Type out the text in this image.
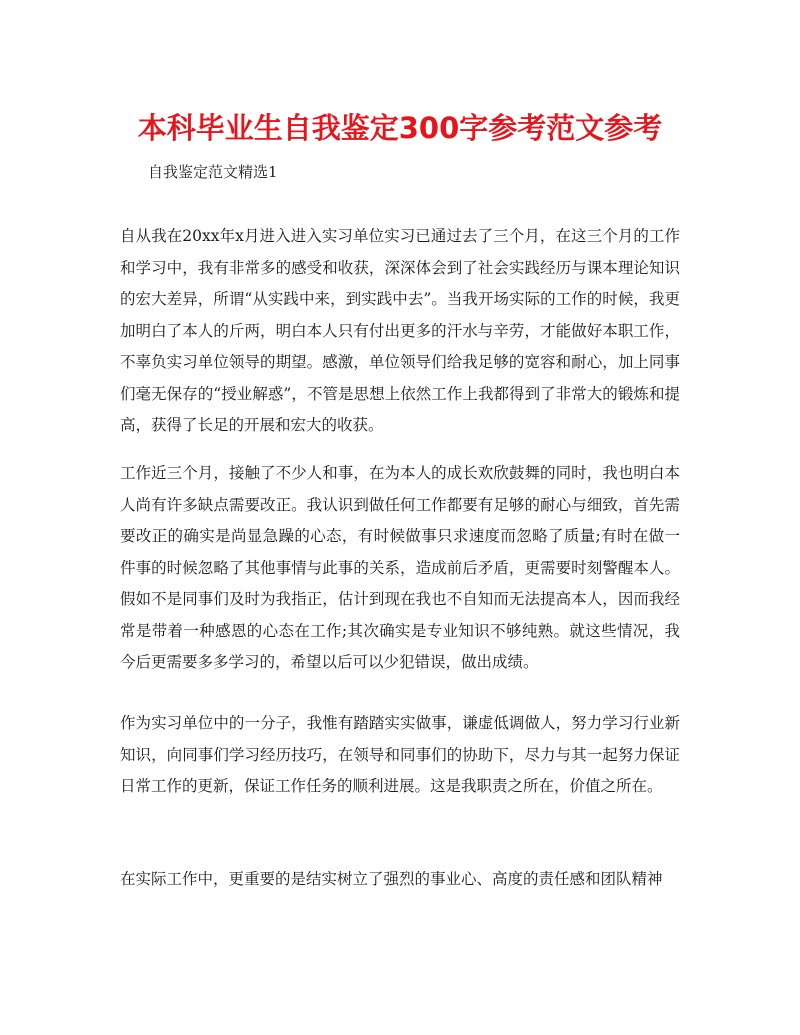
本科毕业生自我鉴定300字参考范文参考

自我鉴定范文精选1

自从我在20xx年x月进入进入实习单位实习已通过去了三个月，在这三个月的工作和学习中，我有非常多的感受和收获，深深体会到了社会实践经历与课本理论知识的宏大差异，所谓“从实践中来，到实践中去”。当我开场实际的工作的时候，我更加明白了本人的斤两，明白本人只有付出更多的汗水与辛劳，才能做好本职工作，不辜负实习单位领导的期望。感激，单位领导们给我足够的宽容和耐心，加上同事们毫无保存的“授业解惑”，不管是思想上依然工作上我都得到了非常大的锻炼和提高，获得了长足的开展和宏大的收获。

工作近三个月，接触了不少人和事，在为本人的成长欢欣鼓舞的同时，我也明白本人尚有许多缺点需要改正。我认识到做任何工作都要有足够的耐心与细致，首先需要改正的确实是尚显急躁的心态，有时候做事只求速度而忽略了质量;有时在做一件事的时候忽略了其他事情与此事的关系，造成前后矛盾，更需要时刻警醒本人。假如不是同事们及时为我指正，估计到现在我也不自知而无法提高本人，因而我经常是带着一种感恩的心态在工作;其次确实是专业知识不够纯熟。就这些情况，我今后更需要多多学习的，希望以后可以少犯错误，做出成绩。

作为实习单位中的一分子，我惟有踏踏实实做事，谦虚低调做人，努力学习行业新知识，向同事们学习经历技巧，在领导和同事们的协助下，尽力与其一起努力保证日常工作的更新，保证工作任务的顺利进展。这是我职责之所在，价值之所在。

在实际工作中，更重要的是结实树立了强烈的事业心、高度的责任感和团队精神
